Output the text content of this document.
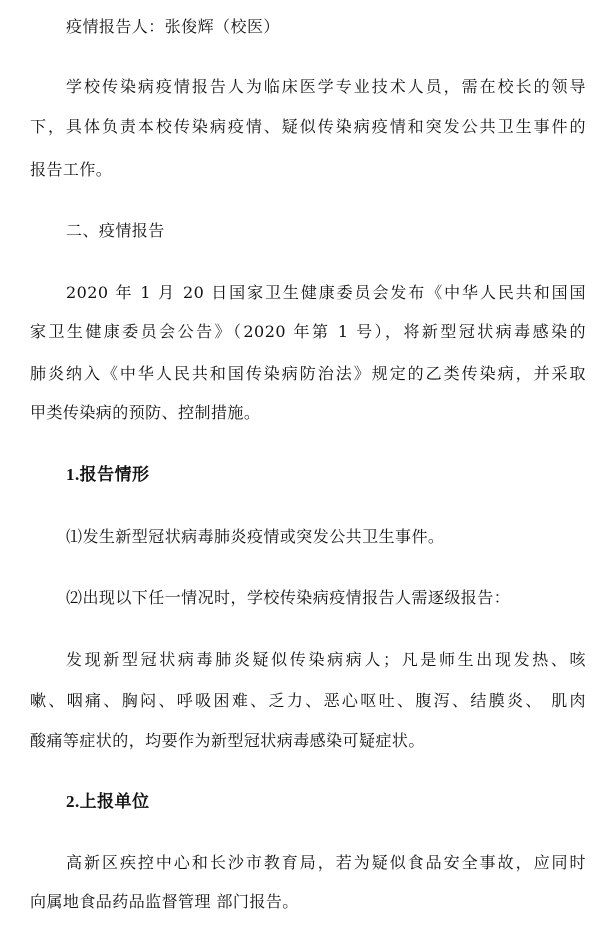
疫情报告人：张俊辉（校医）

学校传染病疫情报告人为临床医学专业技术人员，需在校长的领导

下，具体负责本校传染病疫情、疑似传染病疫情和突发公共卫生事件的

报告工作。

二、疫情报告

2020 年 1 月 20 日国家卫生健康委员会发布《中华人民共和国国

家卫生健康委员会公告》（2020 年第 1 号），将新型冠状病毒感染的

肺炎纳入《中华人民共和国传染病防治法》规定的乙类传染病，并采取

甲类传染病的预防、控制措施。

1.报告情形

⑴发生新型冠状病毒肺炎疫情或突发公共卫生事件。

⑵出现以下任一情况时，学校传染病疫情报告人需逐级报告：

发现新型冠状病毒肺炎疑似传染病病人；凡是师生出现发热、咳

嗽、咽痛、胸闷、呼吸困难、乏力、恶心呕吐、腹泻、结膜炎、 肌肉

酸痛等症状的，均要作为新型冠状病毒感染可疑症状。

2.上报单位

高新区疾控中心和长沙市教育局，若为疑似食品安全事故，应同时

向属地食品药品监督管理 部门报告。
